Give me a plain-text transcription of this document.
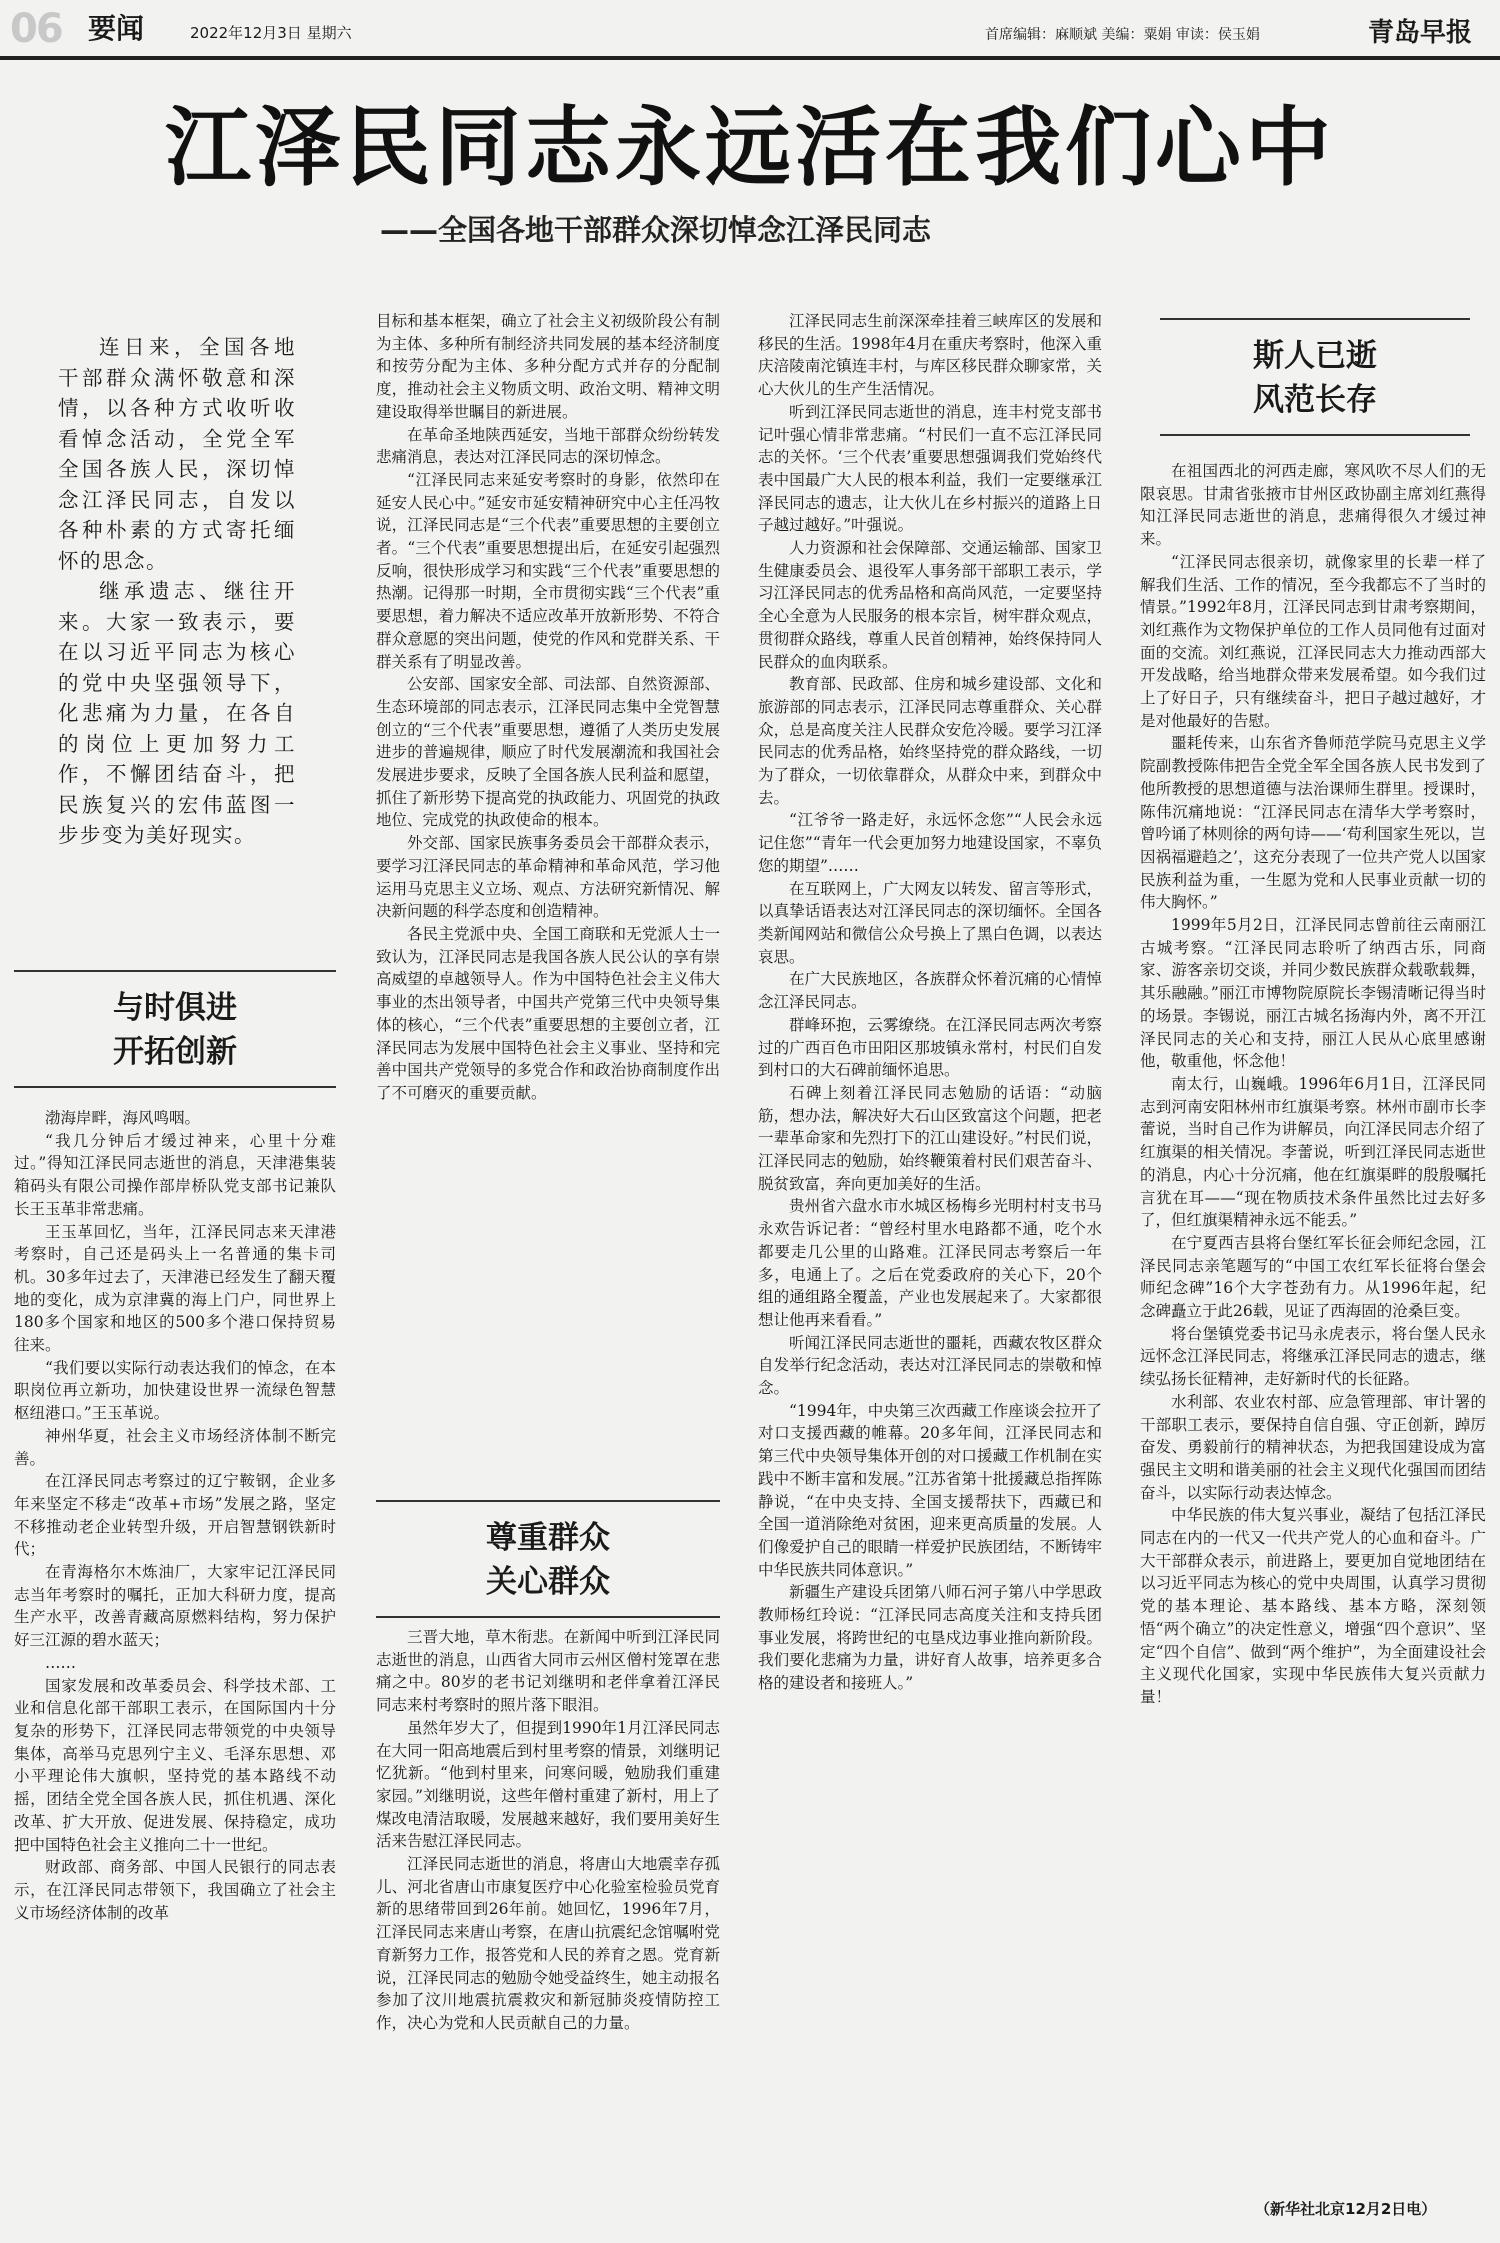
06 要闻	2022年12月3日 星期六	首席编辑：麻顺斌 美编：粟娟 审读：侯玉娟	青岛早报
江泽民同志永远活在我们心中
——全国各地干部群众深切悼念江泽民同志

连日来，全国各地干部群众满怀敬意和深情，以各种方式收听收看悼念活动，全党全军全国各族人民，深切悼念江泽民同志，自发以各种朴素的方式寄托缅怀的思念。

继承遗志、继往开来。大家一致表示，要在以习近平同志为核心的党中央坚强领导下，化悲痛为力量，在各自的岗位上更加努力工作，不懈团结奋斗，把民族复兴的宏伟蓝图一步步变为美好现实。

与时俱进
开拓创新

渤海岸畔，海风鸣咽。

“我几分钟后才缓过神来，心里十分难过。”得知江泽民同志逝世的消息，天津港集装箱码头有限公司操作部岸桥队党支部书记兼队长王玉革非常悲痛。

王玉革回忆，当年，江泽民同志来天津港考察时，自己还是码头上一名普通的集卡司机。30多年过去了，天津港已经发生了翻天覆地的变化，成为京津冀的海上门户，同世界上180多个国家和地区的500多个港口保持贸易往来。

“我们要以实际行动表达我们的悼念，在本职岗位再立新功，加快建设世界一流绿色智慧枢纽港口。”王玉革说。

神州华夏，社会主义市场经济体制不断完善。

在江泽民同志考察过的辽宁鞍钢，企业多年来坚定不移走“改革+市场”发展之路，坚定不移推动老企业转型升级，开启智慧钢铁新时代；

在青海格尔木炼油厂，大家牢记江泽民同志当年考察时的嘱托，正加大科研力度，提高生产水平，改善青藏高原燃料结构，努力保护好三江源的碧水蓝天；

……

国家发展和改革委员会、科学技术部、工业和信息化部干部职工表示，在国际国内十分复杂的形势下，江泽民同志带领党的中央领导集体，高举马克思列宁主义、毛泽东思想、邓小平理论伟大旗帜，坚持党的基本路线不动摇，团结全党全国各族人民，抓住机遇、深化改革、扩大开放、促进发展、保持稳定，成功把中国特色社会主义推向二十一世纪。

财政部、商务部、中国人民银行的同志表示，在江泽民同志带领下，我国确立了社会主义市场经济体制的改革

目标和基本框架，确立了社会主义初级阶段公有制为主体、多种所有制经济共同发展的基本经济制度和按劳分配为主体、多种分配方式并存的分配制度，推动社会主义物质文明、政治文明、精神文明建设取得举世瞩目的新进展。

在革命圣地陕西延安，当地干部群众纷纷转发悲痛消息，表达对江泽民同志的深切悼念。

“江泽民同志来延安考察时的身影，依然印在延安人民心中。”延安市延安精神研究中心主任冯牧说，江泽民同志是“三个代表”重要思想的主要创立者。“三个代表”重要思想提出后，在延安引起强烈反响，很快形成学习和实践“三个代表”重要思想的热潮。记得那一时期，全市贯彻实践“三个代表”重要思想，着力解决不适应改革开放新形势、不符合群众意愿的突出问题，使党的作风和党群关系、干群关系有了明显改善。

公安部、国家安全部、司法部、自然资源部、生态环境部的同志表示，江泽民同志集中全党智慧创立的“三个代表”重要思想，遵循了人类历史发展进步的普遍规律，顺应了时代发展潮流和我国社会发展进步要求，反映了全国各族人民利益和愿望，抓住了新形势下提高党的执政能力、巩固党的执政地位、完成党的执政使命的根本。

外交部、国家民族事务委员会干部群众表示，要学习江泽民同志的革命精神和革命风范，学习他运用马克思主义立场、观点、方法研究新情况、解决新问题的科学态度和创造精神。

各民主党派中央、全国工商联和无党派人士一致认为，江泽民同志是我国各族人民公认的享有崇高威望的卓越领导人。作为中国特色社会主义伟大事业的杰出领导者，中国共产党第三代中央领导集体的核心，“三个代表”重要思想的主要创立者，江泽民同志为发展中国特色社会主义事业、坚持和完善中国共产党领导的多党合作和政治协商制度作出了不可磨灭的重要贡献。

尊重群众
关心群众

三晋大地，草木衔悲。在新闻中听到江泽民同志逝世的消息，山西省大同市云州区僧村笼罩在悲痛之中。80岁的老书记刘继明和老伴拿着江泽民同志来村考察时的照片落下眼泪。

虽然年岁大了，但提到1990年1月江泽民同志在大同一阳高地震后到村里考察的情景，刘继明记忆犹新。“他到村里来，问寒问暖，勉励我们重建家园。”刘继明说，这些年僧村重建了新村，用上了煤改电清洁取暖，发展越来越好，我们要用美好生活来告慰江泽民同志。

江泽民同志逝世的消息，将唐山大地震幸存孤儿、河北省唐山市康复医疗中心化验室检验员党育新的思绪带回到26年前。她回忆，1996年7月，江泽民同志来唐山考察，在唐山抗震纪念馆嘱咐党育新努力工作，报答党和人民的养育之恩。党育新说，江泽民同志的勉励令她受益终生，她主动报名参加了汶川地震抗震救灾和新冠肺炎疫情防控工作，决心为党和人民贡献自己的力量。

江泽民同志生前深深牵挂着三峡库区的发展和移民的生活。1998年4月在重庆考察时，他深入重庆涪陵南沱镇连丰村，与库区移民群众聊家常，关心大伙儿的生产生活情况。

听到江泽民同志逝世的消息，连丰村党支部书记叶强心情非常悲痛。“村民们一直不忘江泽民同志的关怀。‘三个代表’重要思想强调我们党始终代表中国最广大人民的根本利益，我们一定要继承江泽民同志的遗志，让大伙儿在乡村振兴的道路上日子越过越好。”叶强说。

人力资源和社会保障部、交通运输部、国家卫生健康委员会、退役军人事务部干部职工表示，学习江泽民同志的优秀品格和高尚风范，一定要坚持全心全意为人民服务的根本宗旨，树牢群众观点，贯彻群众路线，尊重人民首创精神，始终保持同人民群众的血肉联系。

教育部、民政部、住房和城乡建设部、文化和旅游部的同志表示，江泽民同志尊重群众、关心群众，总是高度关注人民群众安危冷暖。要学习江泽民同志的优秀品格，始终坚持党的群众路线，一切为了群众，一切依靠群众，从群众中来，到群众中去。

“江爷爷一路走好，永远怀念您”“人民会永远记住您”“青年一代会更加努力地建设国家，不辜负您的期望”……

在互联网上，广大网友以转发、留言等形式，以真挚话语表达对江泽民同志的深切缅怀。全国各类新闻网站和微信公众号换上了黑白色调，以表达哀思。

在广大民族地区，各族群众怀着沉痛的心情悼念江泽民同志。

群峰环抱，云雾缭绕。在江泽民同志两次考察过的广西百色市田阳区那坡镇永常村，村民们自发到村口的大石碑前缅怀追思。

石碑上刻着江泽民同志勉励的话语：“动脑筋，想办法，解决好大石山区致富这个问题，把老一辈革命家和先烈打下的江山建设好。”村民们说，江泽民同志的勉励，始终鞭策着村民们艰苦奋斗、脱贫致富，奔向更加美好的生活。

贵州省六盘水市水城区杨梅乡光明村村支书马永欢告诉记者：“曾经村里水电路都不通，吃个水都要走几公里的山路难。江泽民同志考察后一年多，电通上了。之后在党委政府的关心下，20个组的通组路全覆盖，产业也发展起来了。大家都很想让他再来看看。”

听闻江泽民同志逝世的噩耗，西藏农牧区群众自发举行纪念活动，表达对江泽民同志的崇敬和悼念。

“1994年，中央第三次西藏工作座谈会拉开了对口支援西藏的帷幕。20多年间，江泽民同志和第三代中央领导集体开创的对口援藏工作机制在实践中不断丰富和发展。”江苏省第十批援藏总指挥陈静说，“在中央支持、全国支援帮扶下，西藏已和全国一道消除绝对贫困，迎来更高质量的发展。人们像爱护自己的眼睛一样爱护民族团结，不断铸牢中华民族共同体意识。”

新疆生产建设兵团第八师石河子第八中学思政教师杨红玲说：“江泽民同志高度关注和支持兵团事业发展，将跨世纪的屯垦戍边事业推向新阶段。我们要化悲痛为力量，讲好育人故事，培养更多合格的建设者和接班人。”

斯人已逝
风范长存

在祖国西北的河西走廊，寒风吹不尽人们的无限哀思。甘肃省张掖市甘州区政协副主席刘红燕得知江泽民同志逝世的消息，悲痛得很久才缓过神来。

“江泽民同志很亲切，就像家里的长辈一样了解我们生活、工作的情况，至今我都忘不了当时的情景。”1992年8月，江泽民同志到甘肃考察期间，刘红燕作为文物保护单位的工作人员同他有过面对面的交流。刘红燕说，江泽民同志大力推动西部大开发战略，给当地群众带来发展希望。如今我们过上了好日子，只有继续奋斗，把日子越过越好，才是对他最好的告慰。

噩耗传来，山东省齐鲁师范学院马克思主义学院副教授陈伟把告全党全军全国各族人民书发到了他所教授的思想道德与法治课师生群里。授课时，陈伟沉痛地说：“江泽民同志在清华大学考察时，曾吟诵了林则徐的两句诗——‘苟利国家生死以，岂因祸福避趋之’，这充分表现了一位共产党人以国家民族利益为重，一生愿为党和人民事业贡献一切的伟大胸怀。”

1999年5月2日，江泽民同志曾前往云南丽江古城考察。“江泽民同志聆听了纳西古乐，同商家、游客亲切交谈，并同少数民族群众载歌载舞，其乐融融。”丽江市博物院原院长李锡清晰记得当时的场景。李锡说，丽江古城名扬海内外，离不开江泽民同志的关心和支持，丽江人民从心底里感谢他，敬重他，怀念他！

南太行，山巍峨。1996年6月1日，江泽民同志到河南安阳林州市红旗渠考察。林州市副市长李蕾说，当时自己作为讲解员，向江泽民同志介绍了红旗渠的相关情况。李蕾说，听到江泽民同志逝世的消息，内心十分沉痛，他在红旗渠畔的殷殷嘱托言犹在耳——“现在物质技术条件虽然比过去好多了，但红旗渠精神永远不能丢。”

在宁夏西吉县将台堡红军长征会师纪念园，江泽民同志亲笔题写的“中国工农红军长征将台堡会师纪念碑”16个大字苍劲有力。从1996年起，纪念碑矗立于此26载，见证了西海固的沧桑巨变。

将台堡镇党委书记马永虎表示，将台堡人民永远怀念江泽民同志，将继承江泽民同志的遗志，继续弘扬长征精神，走好新时代的长征路。

水利部、农业农村部、应急管理部、审计署的干部职工表示，要保持自信自强、守正创新，踔厉奋发、勇毅前行的精神状态，为把我国建设成为富强民主文明和谐美丽的社会主义现代化强国而团结奋斗，以实际行动表达悼念。

中华民族的伟大复兴事业，凝结了包括江泽民同志在内的一代又一代共产党人的心血和奋斗。广大干部群众表示，前进路上，要更加自觉地团结在以习近平同志为核心的党中央周围，认真学习贯彻党的基本理论、基本路线、基本方略，深刻领悟“两个确立”的决定性意义，增强“四个意识”、坚定“四个自信”、做到“两个维护”，为全面建设社会主义现代化国家，实现中华民族伟大复兴贡献力量！

（新华社北京12月2日电）
